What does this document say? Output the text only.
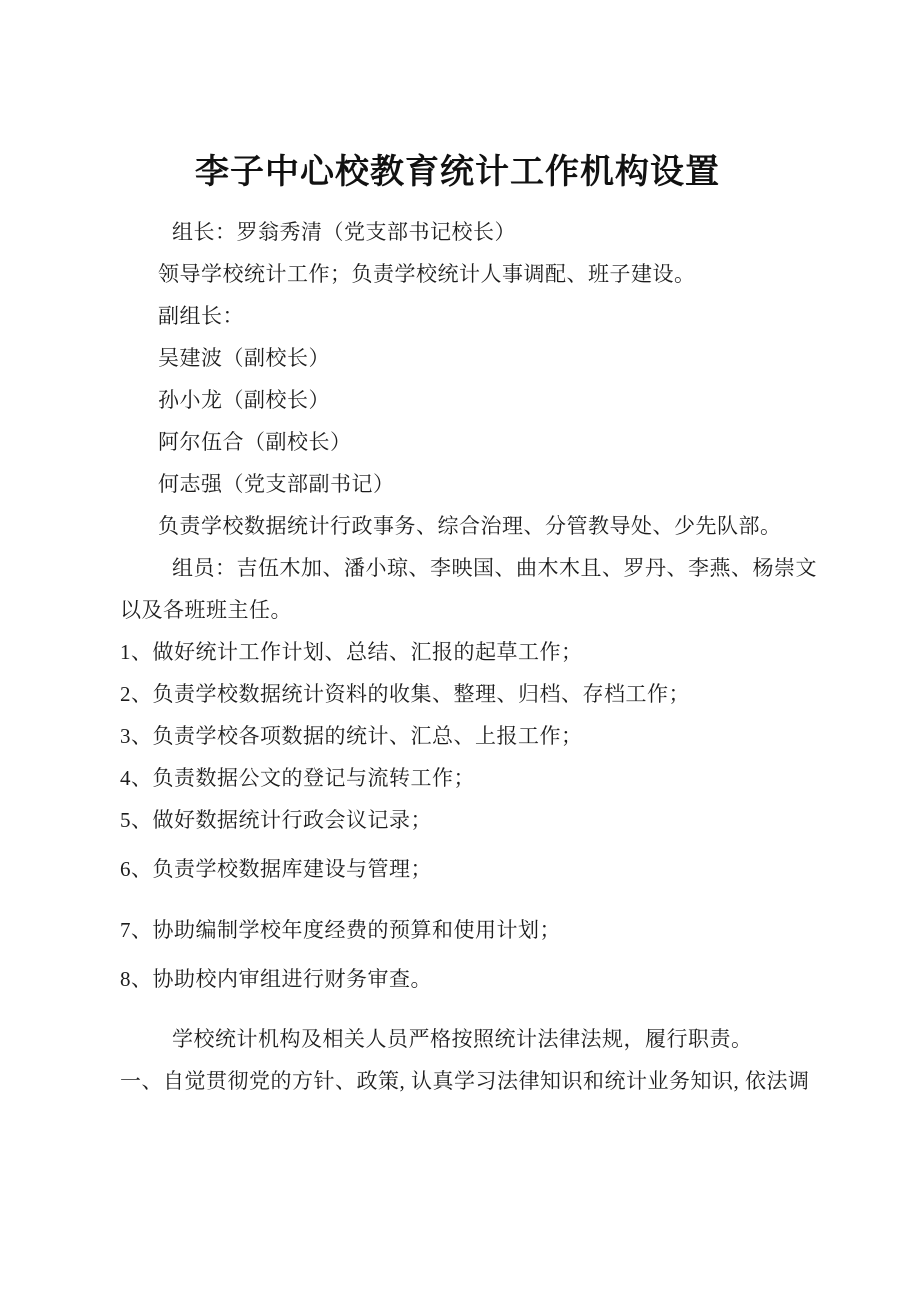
李子中心校教育统计工作机构设置

组长：罗翁秀清（党支部书记校长）

领导学校统计工作；负责学校统计人事调配、班子建设。

副组长：

吴建波（副校长）

孙小龙（副校长）

阿尔伍合（副校长）

何志强（党支部副书记）

负责学校数据统计行政事务、综合治理、分管教导处、少先队部。

组员：吉伍木加、潘小琼、李映国、曲木木且、罗丹、李燕、杨崇文

以及各班班主任。

1、做好统计工作计划、总结、汇报的起草工作；

2、负责学校数据统计资料的收集、整理、归档、存档工作；

3、负责学校各项数据的统计、汇总、上报工作；

4、负责数据公文的登记与流转工作；

5、做好数据统计行政会议记录；

6、负责学校数据库建设与管理；

7、协助编制学校年度经费的预算和使用计划；

8、协助校内审组进行财务审查。

学校统计机构及相关人员严格按照统计法律法规，履行职责。

一、自觉贯彻党的方针、政策, 认真学习法律知识和统计业务知识, 依法调
